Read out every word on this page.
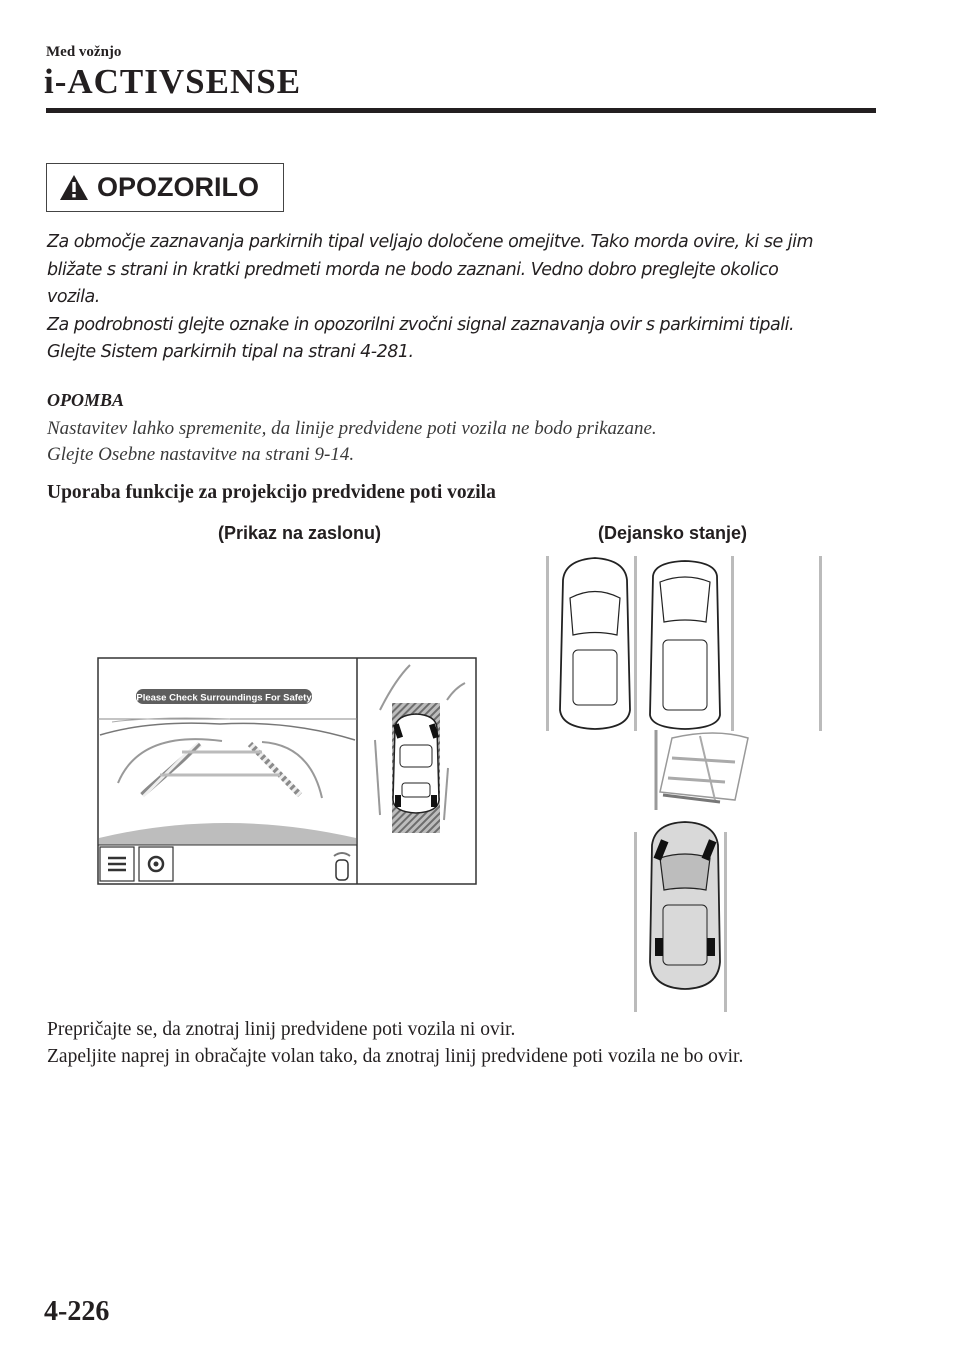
Med vožnjo
i-ACTIVSENSE
OPOZORILO
Za območje zaznavanja parkirnih tipal veljajo določene omejitve. Tako morda ovire, ki se jim
bližate s strani in kratki predmeti morda ne bodo zaznani. Vedno dobro preglejte okolico
vozila.
Za podrobnosti glejte oznake in opozorilni zvočni signal zaznavanja ovir s parkirnimi tipali.
Glejte Sistem parkirnih tipal na strani 4-281.
OPOMBA
Nastavitev lahko spremenite, da linije predvidene poti vozila ne bodo prikazane.
Glejte Osebne nastavitve na strani 9-14.
Uporaba funkcije za projekcijo predvidene poti vozila
(Prikaz na zaslonu)	(Dejansko stanje)
Please Check Surroundings For Safety
Prepričajte se, da znotraj linij predvidene poti vozila ni ovir.
Zapeljite naprej in obračajte volan tako, da znotraj linij predvidene poti vozila ne bo ovir.
4-226
